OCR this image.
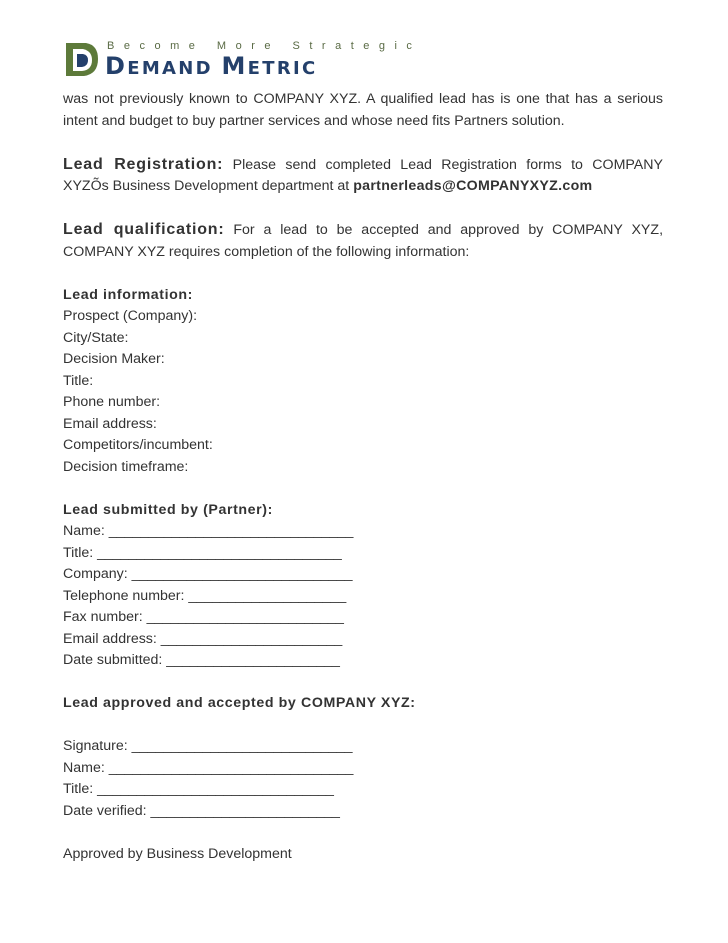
Become More Strategic
DEMAND METRIC

was not previously known to COMPANY XYZ. A qualified lead has is one that has a serious intent and budget to buy partner services and whose need fits Partners solution.

Lead Registration: Please send completed Lead Registration forms to COMPANY XYZÕs Business Development department at partnerleads@COMPANYXYZ.com

Lead qualification: For a lead to be accepted and approved by COMPANY XYZ, COMPANY XYZ requires completion of the following information:

Lead information:

Prospect (Company):

City/State:

Decision Maker:

Title:

Phone number:

Email address:

Competitors/incumbent:

Decision timeframe:

Lead submitted by (Partner):

Name: _______________________________

Title: _______________________________

Company: ____________________________

Telephone number: ____________________

Fax number: _________________________

Email address: _______________________

Date submitted: ______________________

Lead approved and accepted by COMPANY XYZ:

Signature: ____________________________

Name: _______________________________

Title: ______________________________

Date verified: ________________________

Approved by Business Development
